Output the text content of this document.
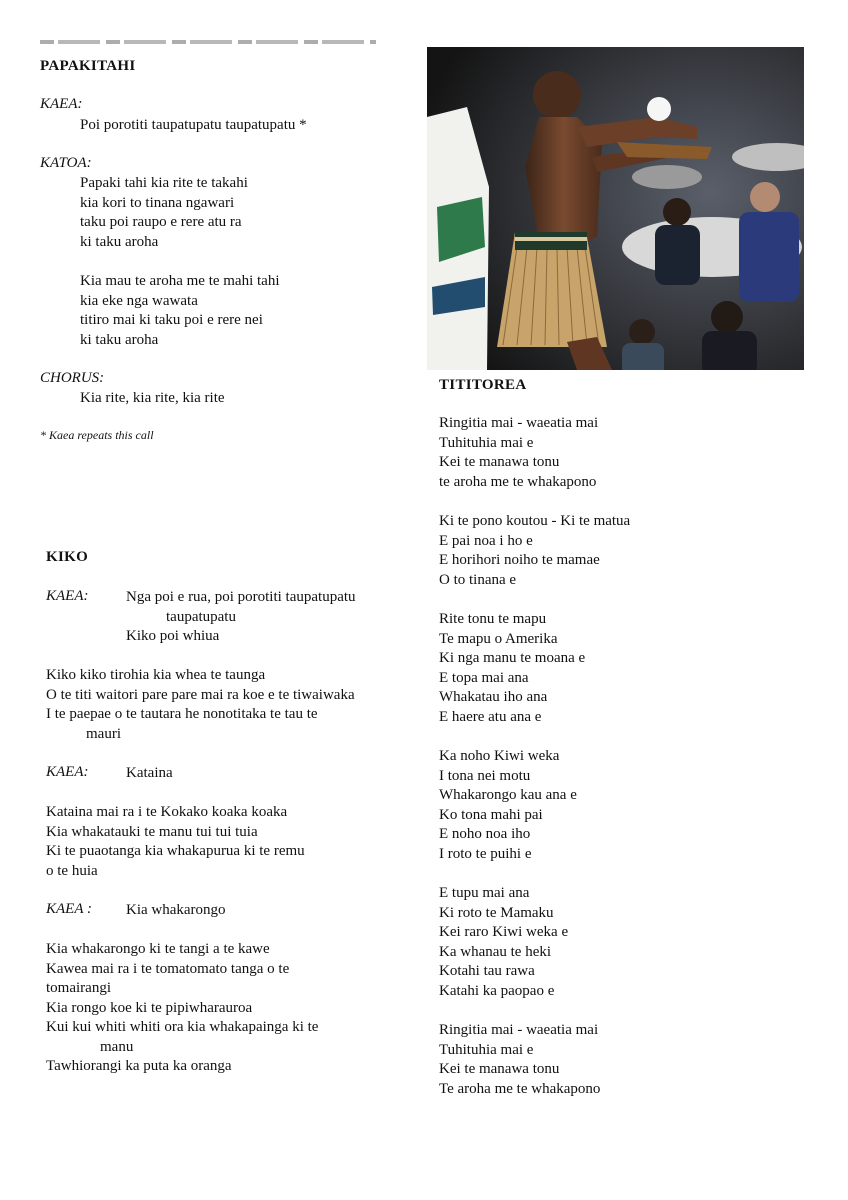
PAPAKITAHI
KAEA:
Poi porotiti taupatupatu taupatupatu *
KATOA:
Papaki tahi kia rite te takahi
kia kori to tinana ngawari
taku poi raupo e rere atu ra
ki taku aroha
Kia mau te aroha me te mahi tahi
kia eke nga wawata
titiro mai ki taku poi e rere nei
ki taku aroha
CHORUS:
Kia rite, kia rite, kia rite
* Kaea repeats this call
KIKO
KAEA:	Nga poi e rua, poi porotiti taupatupatu
taupatupatu
Kiko poi whiua
Kiko kiko tirohia kia whea te taunga
O te titi waitori pare pare mai ra koe e te tiwaiwaka
I te paepae o te tautara he nonotitaka te tau te
mauri
KAEA:	Kataina
Kataina mai ra i te Kokako koaka koaka
Kia whakatauki te manu tui tui tuia
Ki te puaotanga kia whakapurua ki te remu
o te huia
KAEA : Kia whakarongo
Kia whakarongo ki te tangi a te kawe
Kawea mai ra i te tomatomato tanga o te
tomairangi
Kia rongo koe ki te pipiwharauroa
Kui kui whiti whiti ora kia whakapainga ki te
manu
Tawhiorangi ka puta ka oranga
TITITOREA
Ringitia mai - waeatia mai
Tuhituhia mai e
Kei te manawa tonu
te aroha me te whakapono
Ki te pono koutou - Ki te matua
E pai noa i ho e
E horihori noiho te mamae
O to tinana e
Rite tonu te mapu
Te mapu o Amerika
Ki nga manu te moana e
E topa mai ana
Whakatau iho ana
E haere atu ana e
Ka noho Kiwi weka
I tona nei motu
Whakarongo kau ana e
Ko tona mahi pai
E noho noa iho
I roto te puihi e
E tupu mai ana
Ki roto te Mamaku
Kei raro Kiwi weka e
Ka whanau te heki
Kotahi tau rawa
Katahi ka paopao e
Ringitia mai - waeatia mai
Tuhituhia mai e
Kei te manawa tonu
Te aroha me te whakapono
